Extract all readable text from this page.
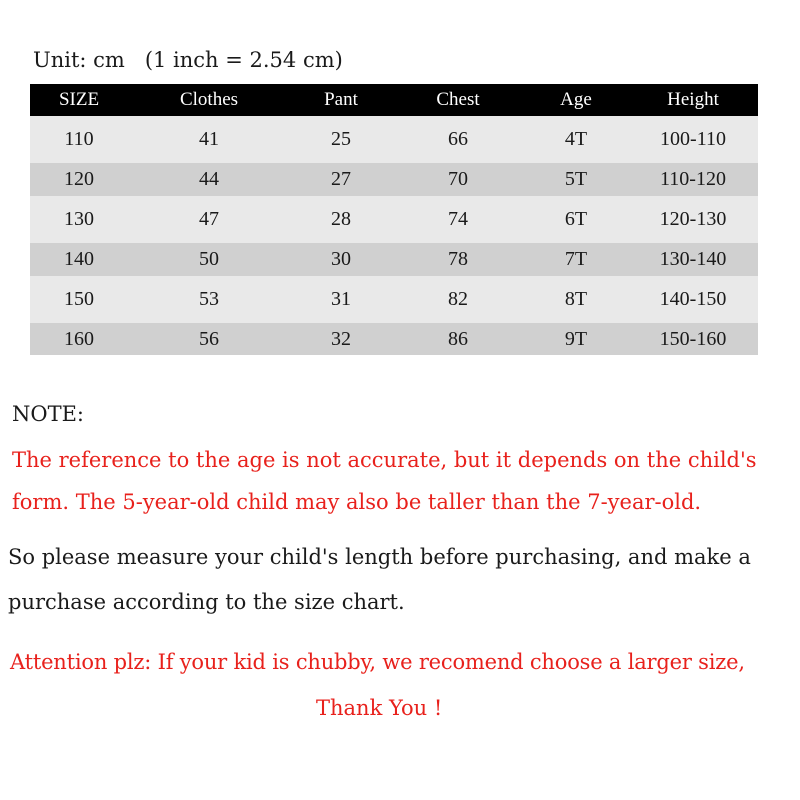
Unit: cm (1 inch = 2.54 cm)
SIZE	Clothes	Pant	Chest	Age	Height
110	41	25	66	4T	100-110
120	44	27	70	5T	110-120
130	47	28	74	6T	120-130
140	50	30	78	7T	130-140
150	53	31	82	8T	140-150
160	56	32	86	9T	150-160
NOTE:
The reference to the age is not accurate, but it depends on the child's
form. The 5-year-old child may also be taller than the 7-year-old.
So please measure your child's length before purchasing, and make a
purchase according to the size chart.
Attention plz: If your kid is chubby, we recomend choose a larger size,
Thank You !
